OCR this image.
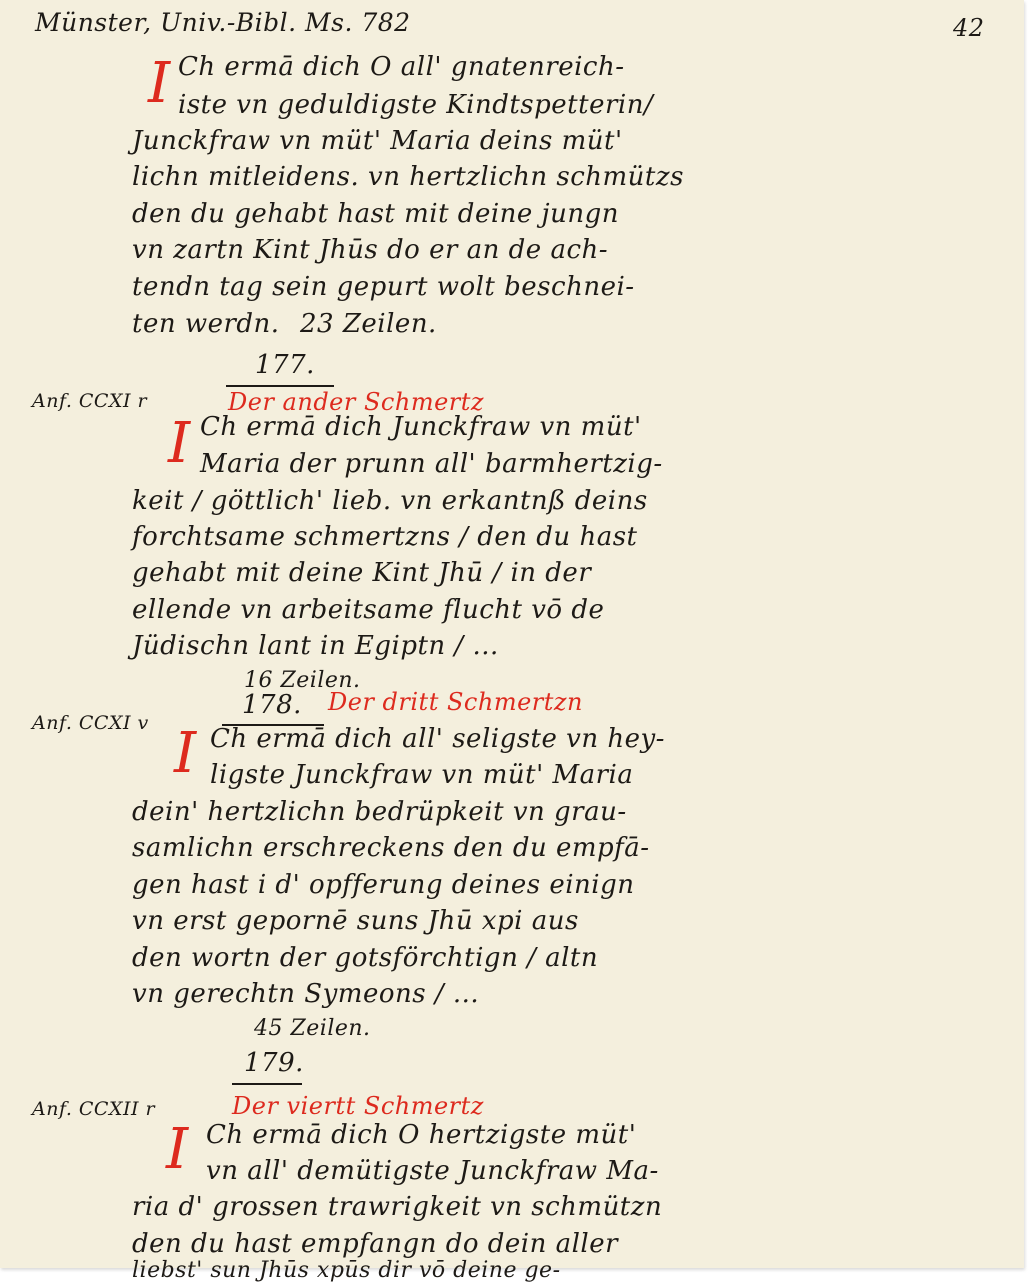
Münster, Univ.-Bibl. Ms. 782	42
I Ch ermā dich O all' gnatenreich-
iste vn geduldigste Kindtspetterin/
Junckfraw vn müt' Maria deins müt'
lichn mitleidens. vn hertzlichn schmützs
den du gehabt hast mit deine jungn
vn zartn Kint Jhūs do er an de ach-
tendn tag sein gepurt wolt beschnei-
ten werdn. 23 Zeilen .
177.
Der ander Schmertz
Anf. CCXI r
I Ch ermā dich Junckfraw vn müt'
Maria der prunn all' barmhertzig-
keit / göttlich' lieb. vn erkantnß deins
forchtsame schmertzns / den du hast
gehabt mit deine Kint Jhū / in der
ellende vn arbeitsame flucht vō de
Jüdischn lant in Egiptn / ...
16 Zeilen.
178. Der dritt Schmertzn
Anf. CCXI v I Ch ermā dich all' seligste vn hey-
ligste Junckfraw vn müt' Maria
dein' hertzlichn bedrüpkeit vn grau-
samlichn erschreckens den du empfā-
gen hast i d' opfferung deines einign
vn erst gepornē suns Jhū xpi aus
den wortn der gotsförchtign / altn
vn gerechtn Symeons / ...
45 Zeilen.
179.
Anf. CCXII r	Der viertt Schmertz
I Ch ermā dich O hertzigste müt'
vn all' demütigste Junckfraw Ma-
ria d' grossen trawrigkeit vn schmützn
den du hast empfangn do dein aller
liebst' sun Jhūs xpūs dir vō deine ge-
